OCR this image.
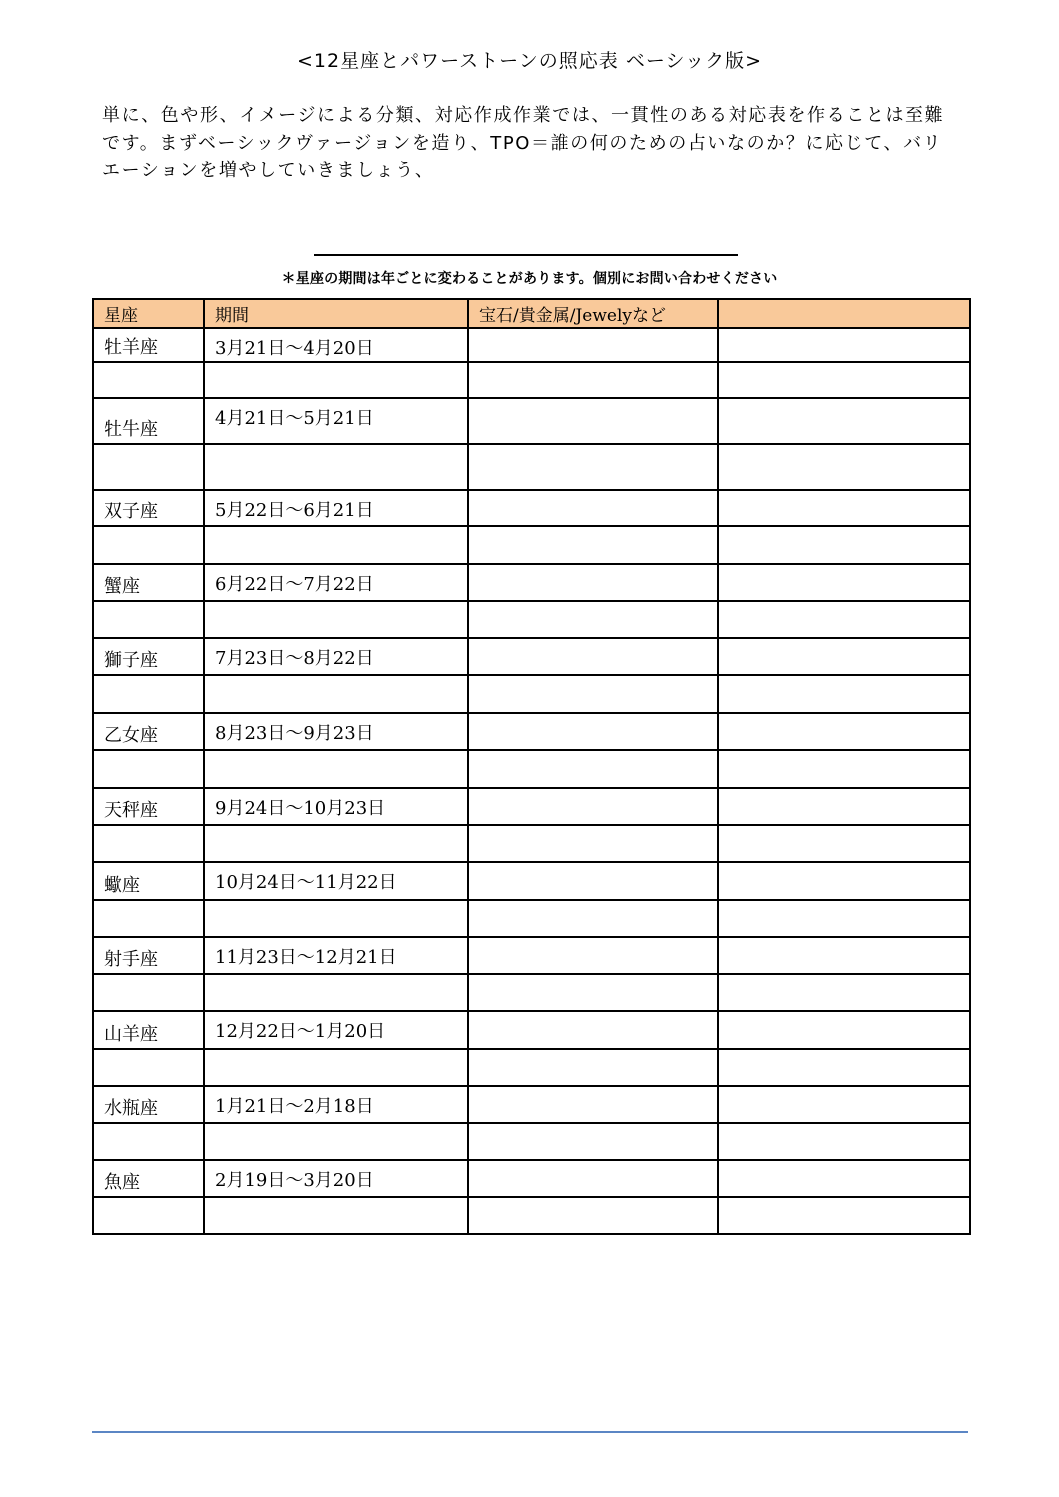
<12星座とパワーストーンの照応表 ベーシック版>
単に、色や形、イメージによる分類、対応作成作業では、一貫性のある対応表を作ることは至難です。まずベーシックヴァージョンを造り、TPO＝誰の何のための占いなのか？に応じて、バリエーションを増やしていきましょう、
＊星座の期間は年ごとに変わることがあります。個別にお問い合わせください
星座	期間	宝石/貴金属/Jewelyなど	
牡羊座	3月21日〜4月20日		

牡牛座	4月21日〜5月21日		

双子座	5月22日〜6月21日		

蟹座	6月22日〜7月22日		

獅子座	7月23日〜8月22日		

乙女座	8月23日〜9月23日		

天秤座	9月24日〜10月23日		

蠍座	10月24日〜11月22日		

射手座	11月23日〜12月21日		

山羊座	12月22日〜1月20日		

水瓶座	1月21日〜2月18日		

魚座	2月19日〜3月20日		
